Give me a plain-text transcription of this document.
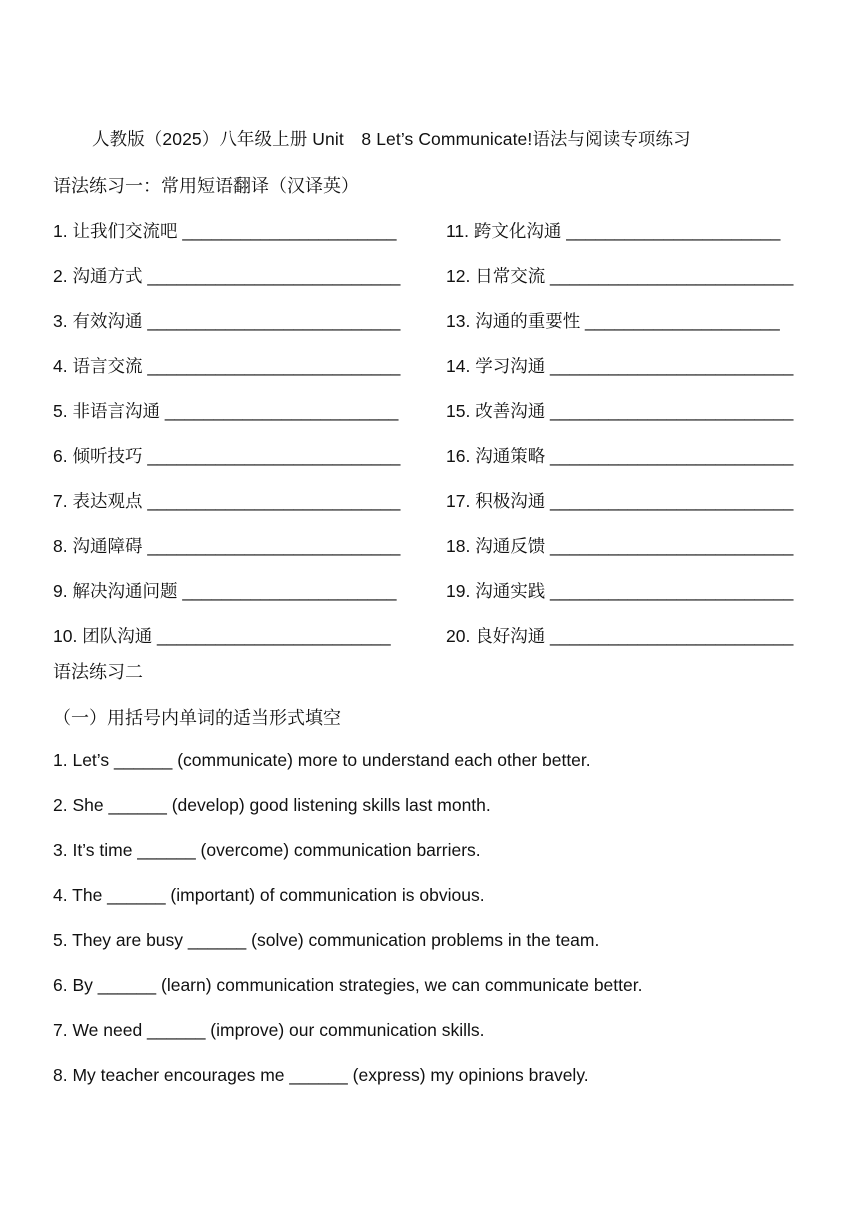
人教版（2025）八年级上册 Unit　8 Let’s Communicate!语法与阅读专项练习
语法练习一：常用短语翻译（汉译英）
1. 让我们交流吧 ______________________
2. 沟通方式 __________________________
3. 有效沟通 __________________________
4. 语言交流 __________________________
5. 非语言沟通 ________________________
6. 倾听技巧 __________________________
7. 表达观点 __________________________
8. 沟通障碍 __________________________
9. 解决沟通问题 ______________________
10. 团队沟通 ________________________
11. 跨文化沟通 ______________________
12. 日常交流 _________________________
13. 沟通的重要性 ____________________
14. 学习沟通 _________________________
15. 改善沟通 _________________________
16. 沟通策略 _________________________
17. 积极沟通 _________________________
18. 沟通反馈 _________________________
19. 沟通实践 _________________________
20. 良好沟通 _________________________
语法练习二
（一）用括号内单词的适当形式填空
1. Let’s ______ (communicate) more to understand each other better.
2. She ______ (develop) good listening skills last month.
3. It’s time ______ (overcome) communication barriers.
4. The ______ (important) of communication is obvious.
5. They are busy ______ (solve) communication problems in the team.
6. By ______ (learn) communication strategies, we can communicate better.
7. We need ______ (improve) our communication skills.
8. My teacher encourages me ______ (express) my opinions bravely.
